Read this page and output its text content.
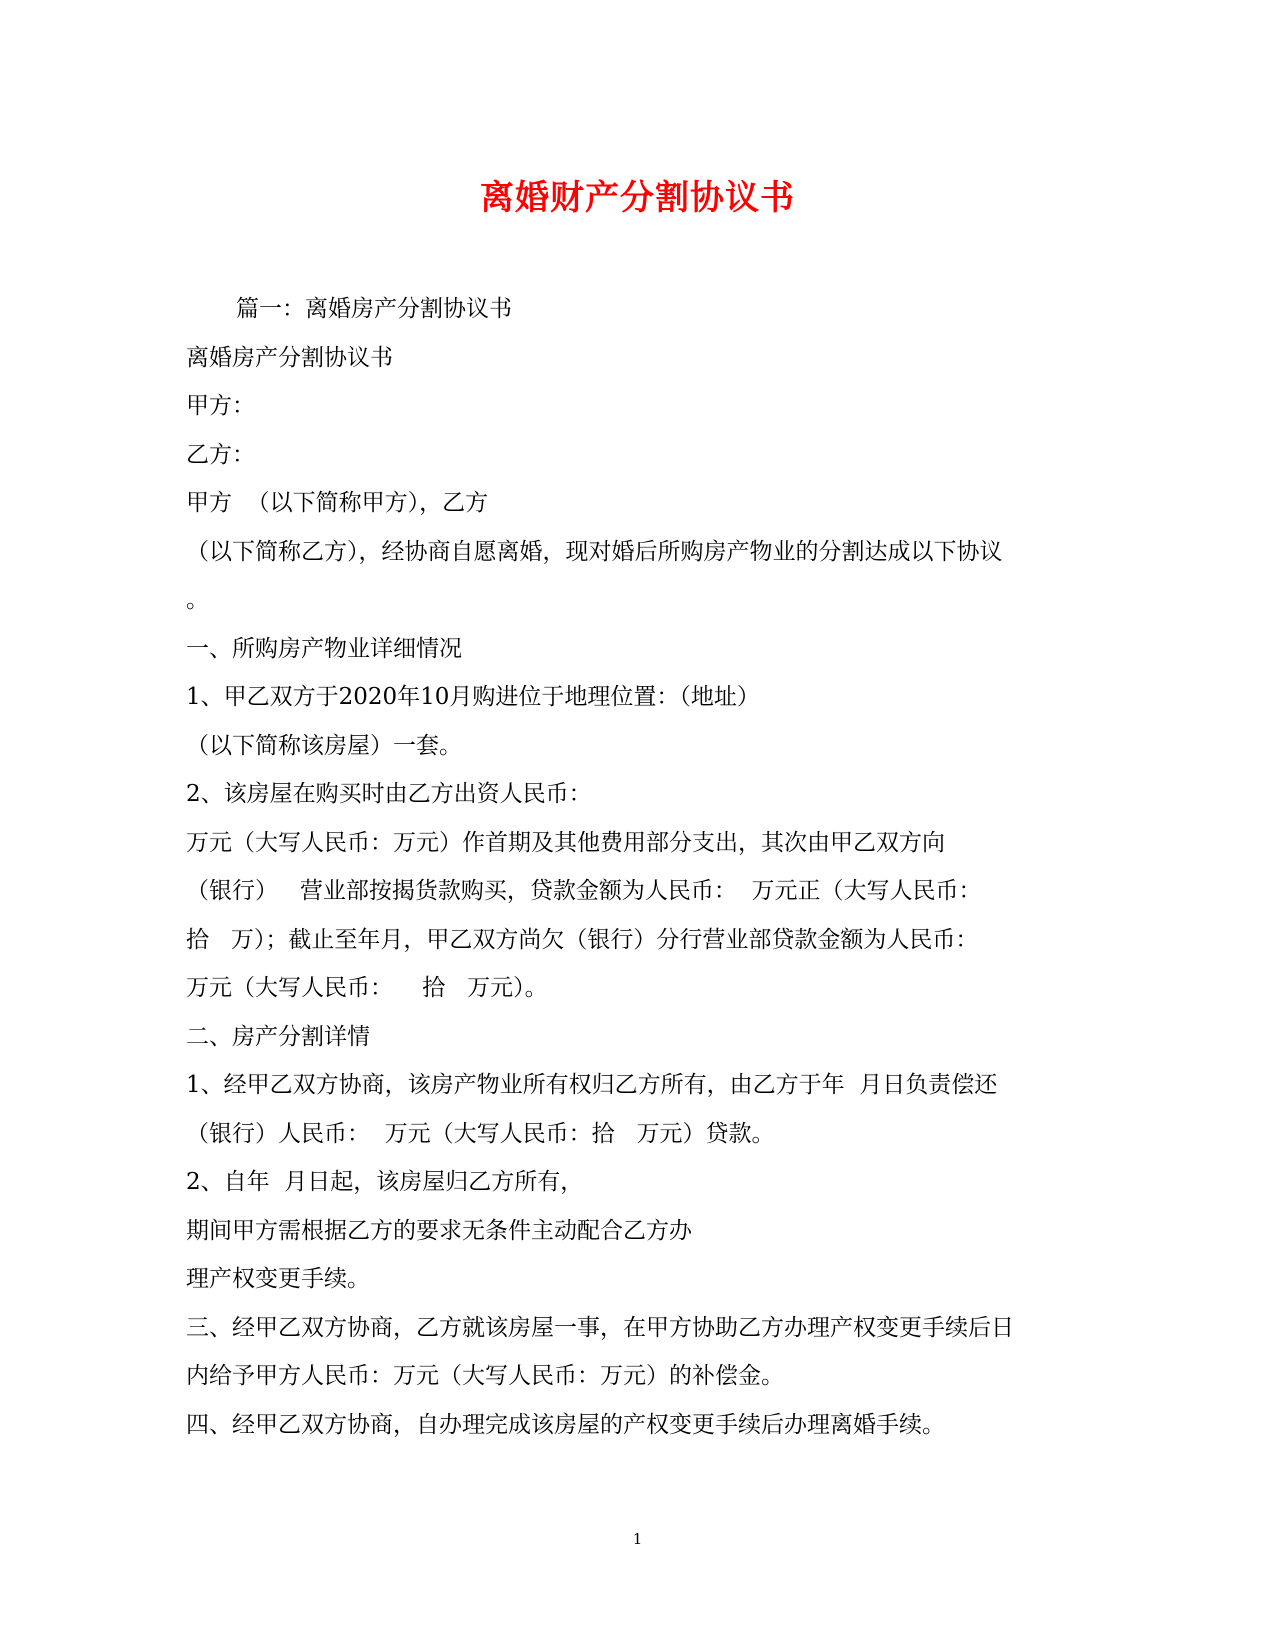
离婚财产分割协议书

篇一：离婚房产分割协议书

离婚房产分割协议书

甲方：

乙方：

甲方  （以下简称甲方），乙方

（以下简称乙方），经协商自愿离婚，现对婚后所购房产物业的分割达成以下协议

。

一、所购房产物业详细情况

1、甲乙双方于2020年10月购进位于地理位置：（地址）

（以下简称该房屋）一套。

2、该房屋在购买时由乙方出资人民币：

万元（大写人民币：万元）作首期及其他费用部分支出，其次由甲乙双方向

（银行）   营业部按揭货款购买，贷款金额为人民币：  万元正（大写人民币：

拾   万）；截止至年月，甲乙双方尚欠（银行）分行营业部贷款金额为人民币：

万元（大写人民币：    拾   万元）。

二、房产分割详情

1、经甲乙双方协商，该房产物业所有权归乙方所有，由乙方于年  月日负责偿还

（银行）人民币：  万元（大写人民币：拾   万元）贷款。

2、自年  月日起，该房屋归乙方所有，

期间甲方需根据乙方的要求无条件主动配合乙方办

理产权变更手续。

三、经甲乙双方协商，乙方就该房屋一事，在甲方协助乙方办理产权变更手续后日

内给予甲方人民币：万元（大写人民币：万元）的补偿金。

四、经甲乙双方协商，自办理完成该房屋的产权变更手续后办理离婚手续。

1
